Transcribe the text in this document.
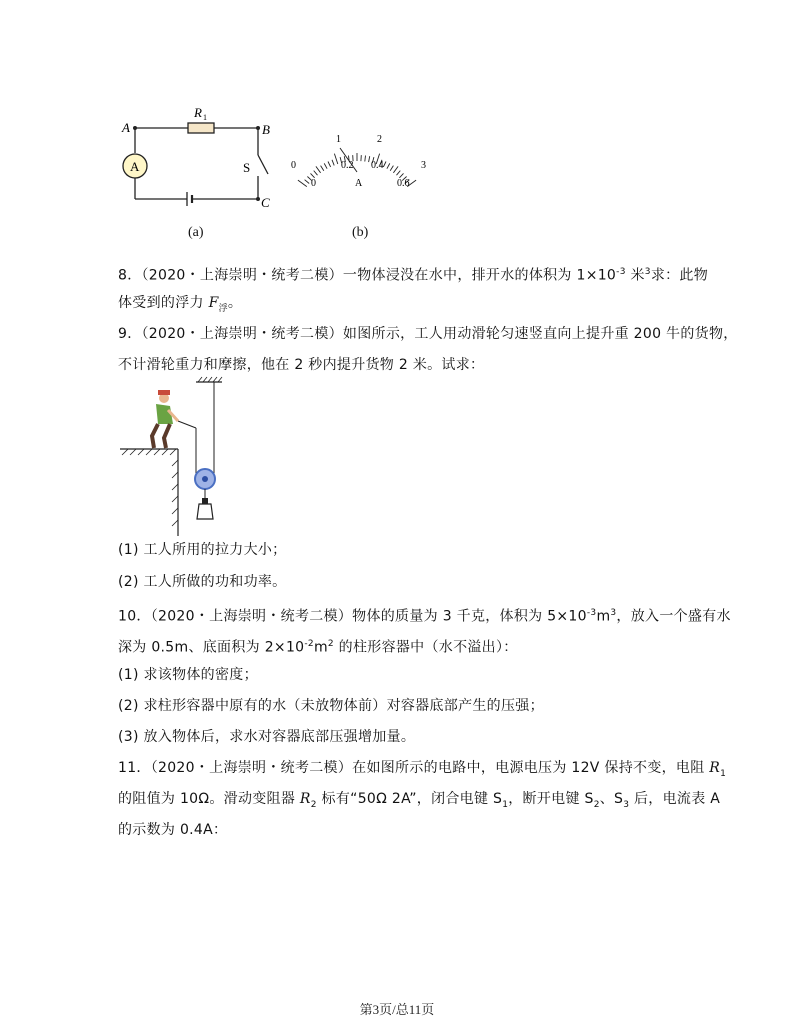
A	B
C
R 1
A	S
(a)
0
1	2
3
0
0.2 0.4
0.6
A
(b)
8．（2020・上海崇明・统考二模）一物体浸没在水中，排开水的体积为 $1\times 10^{-3}$ 米$^3$求：此物
体受到的浮力 $F_浮$。
9．（2020・上海崇明・统考二模）如图所示，工人用动滑轮匀速竖直向上提升重 200 牛的货物，
不计滑轮重力和摩擦，他在 2 秒内提升货物 2 米。试求：
(1) 工人所用的拉力大小；
(2) 工人所做的功和功率。
10．（2020・上海崇明・统考二模）物体的质量为 3 千克，体积为 $5\times 10^{-3}m^3$，放入一个盛有水
深为 0.5m、底面积为 $2\times 10^{-2}m^2$ 的柱形容器中（水不溢出）：
(1) 求该物体的密度；
(2) 求柱形容器中原有的水（未放物体前）对容器底部产生的压强；
(3) 放入物体后，求水对容器底部压强增加量。
11．（2020・上海崇明・统考二模）在如图所示的电路中，电源电压为 12V 保持不变，电阻 $R_1$
的阻值为 10Ω。滑动变阻器 $R_2$ 标有“50Ω 2A”，闭合电键 $S_1$，断开电键 $S_2$、$S_3$ 后，电流表 A
的示数为 0.4A：
第3页/总11页
